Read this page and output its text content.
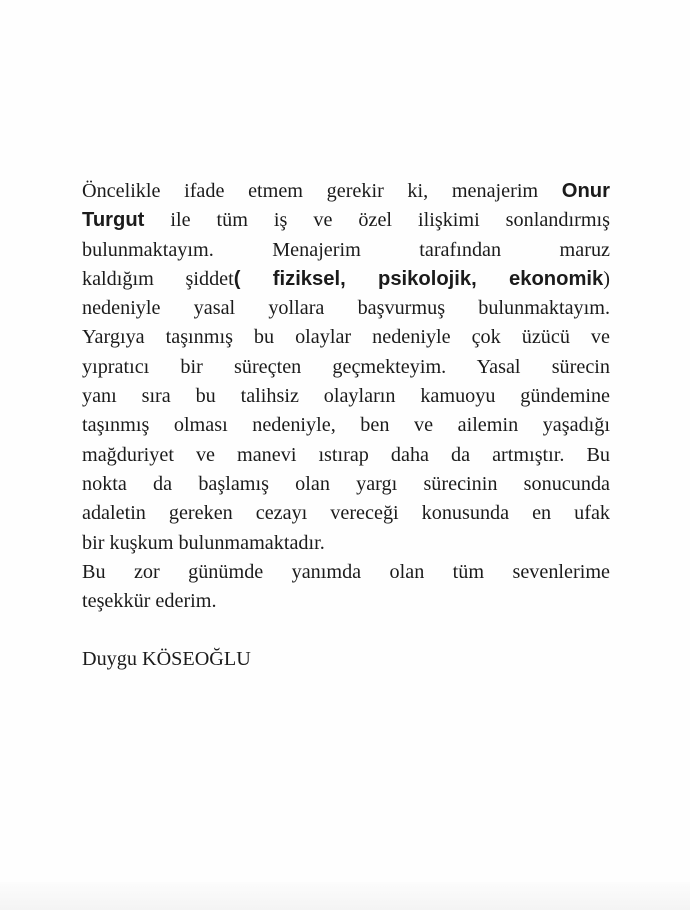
Öncelikle ifade etmem gerekir ki, menajerim Onur
Turgut ile tüm iş ve özel ilişkimi sonlandırmış
bulunmaktayım. Menajerim tarafından maruz
kaldığım şiddet( fiziksel, psikolojik, ekonomik)
nedeniyle yasal yollara başvurmuş bulunmaktayım.
Yargıya taşınmış bu olaylar nedeniyle çok üzücü ve
yıpratıcı bir süreçten geçmekteyim. Yasal sürecin
yanı sıra bu talihsiz olayların kamuoyu gündemine
taşınmış olması nedeniyle, ben ve ailemin yaşadığı
mağduriyet ve manevi ıstırap daha da artmıştır. Bu
nokta da başlamış olan yargı sürecinin sonucunda
adaletin gereken cezayı vereceği konusunda en ufak
bir kuşkum bulunmamaktadır.
Bu zor günümde yanımda olan tüm sevenlerime
teşekkür ederim.
Duygu KÖSEOĞLU
